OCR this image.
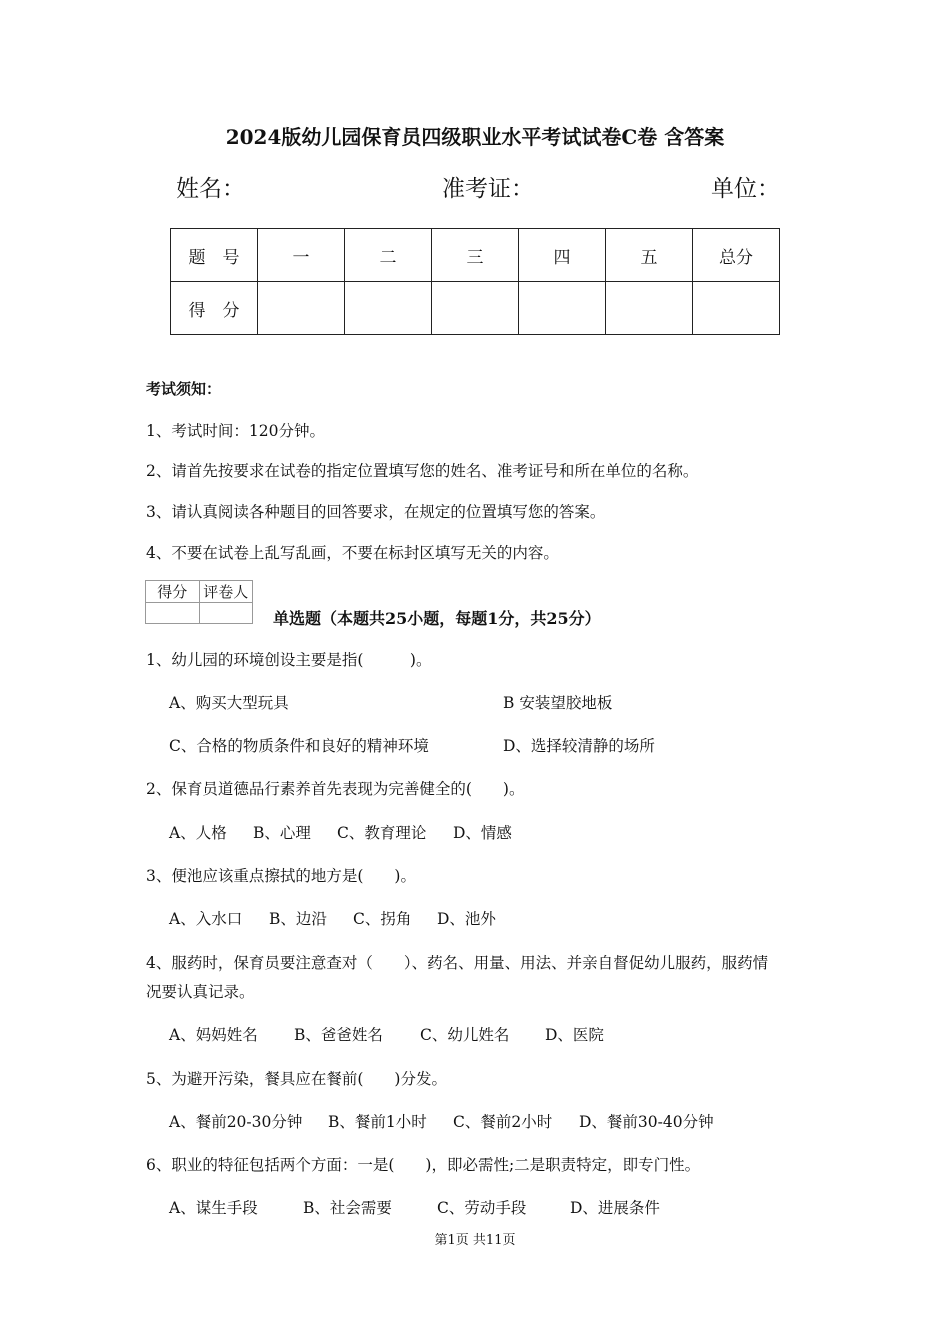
2024版幼儿园保育员四级职业水平考试试卷C卷 含答案
姓名：	准考证：	单位：
题　号	一	二	三	四	五	总分
得　分						
考试须知：
1、考试时间：120分钟。
2、请首先按要求在试卷的指定位置填写您的姓名、准考证号和所在单位的名称。
3、请认真阅读各种题目的回答要求，在规定的位置填写您的答案。
4、不要在试卷上乱写乱画，不要在标封区填写无关的内容。
得分	评卷人

单选题（本题共25小题，每题1分，共25分）
1、幼儿园的环境创设主要是指(　　　)。
A、购买大型玩具	B 安装望胶地板
C、合格的物质条件和良好的精神环境	D、选择较清静的场所
2、保育员道德品行素养首先表现为完善健全的(　　)。
A、人格 B、心理 C、教育理论 D、情感
3、便池应该重点擦拭的地方是(　　)。
A、入水口 B、边沿 C、拐角 D、池外
4、服药时，保育员要注意查对（　　）、药名、用量、用法、并亲自督促幼儿服药，服药情
况要认真记录。
A、妈妈姓名 B、爸爸姓名 C、幼儿姓名 D、医院
5、为避开污染，餐具应在餐前(　　)分发。
A、餐前20-30分钟 B、餐前1小时 C、餐前2小时 D、餐前30-40分钟
6、职业的特征包括两个方面：一是(　　)，即必需性;二是职责特定，即专门性。
A、谋生手段	B、社会需要	C、劳动手段	D、进展条件
第1页 共11页
